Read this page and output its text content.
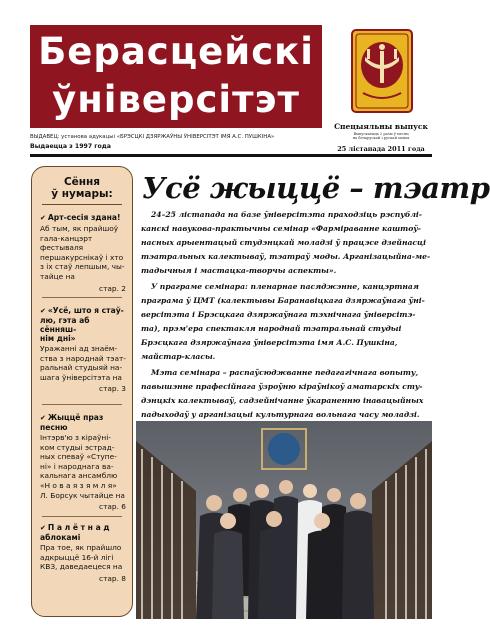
Берасцейскі
ўніверсітэт
Спецыяльны выпуск
Выпускаецца 2 разы ў месяц
на беларускай і рускай мовах
25 лістапада 2011 года
ВЫДАВЕЦ: установа адукацыі «БРЭСЦКІ ДЗЯРЖАЎНЫ ЎНІВЕРСІТЭТ ІМЯ А.С. ПУШКІНА»
Выдаецца з 1997 года
Сёння
ў нумары:
✔ Арт-сесія здана!
Аб тым, як прайшоў
гала-канцэрт фестываля
першакурснікаў і хто
з іх стаў лепшым, чы-
тайце на
стар. 2
✔ «Усё, што я стаў-
лю, гэта аб сённяш-
нім дні»
Уражанні ад знаём-
ства з народнай тэат-
ральнай студыяй на-
шага ўніверсітэта на
стар. 3
✔ Жыццё праз песню
Інтэрв'ю з кіраўні-
ком студыі эстрад-
ных спеваў «Ступе-
ні» і народнага ва-
кальнага ансамблю
«Н о в а я з я м л я»
Л. Борсук чытайце на
стар. 6
✔ П а л ё т н а д
аблокамі
Пра тое, як прайшло
адкрыццё 16-й лігі
КВЗ, даведаецеся на
стар. 8
Усё жыццё – тэатр
24–25 лістапада на базе ўніверсітэта праходзіць рэспублі-
канскі навукова-практычны семінар «Фарміраванне каштоў-
насных арыентацый студэнцкай моладзі ў працэсе дзейнасці
тэатральных калектываў, тэатраў моды. Арганізацыйна-ме-
тадычныя і мастацка-творчы аспекты».
У праграме семінара: пленарнае пасяджэнне, канцэртная
праграма ў ЦМТ (калектывы Баранавіцкага дзяржаўнага ўні-
версітэта і Брэсцкага дзяржаўнага тэхнічнага ўніверсітэ-
та), прэм'ера спектакля народнай тэатральнай студыі
Брэсцкага дзяржаўнага ўніверсітэта імя А.С. Пушкіна,
майстар-класы.
Мэта семінара – распаўсюджванне педагагічнага вопыту,
павышэнне прафесійнага ўзроўню кіраўнікоў аматарскіх сту-
дэнцкіх калектываў, садзейнічанне ўкараненню інавацыйных
падыходаў у арганізацыі культурнага вольнага часу моладзі.
